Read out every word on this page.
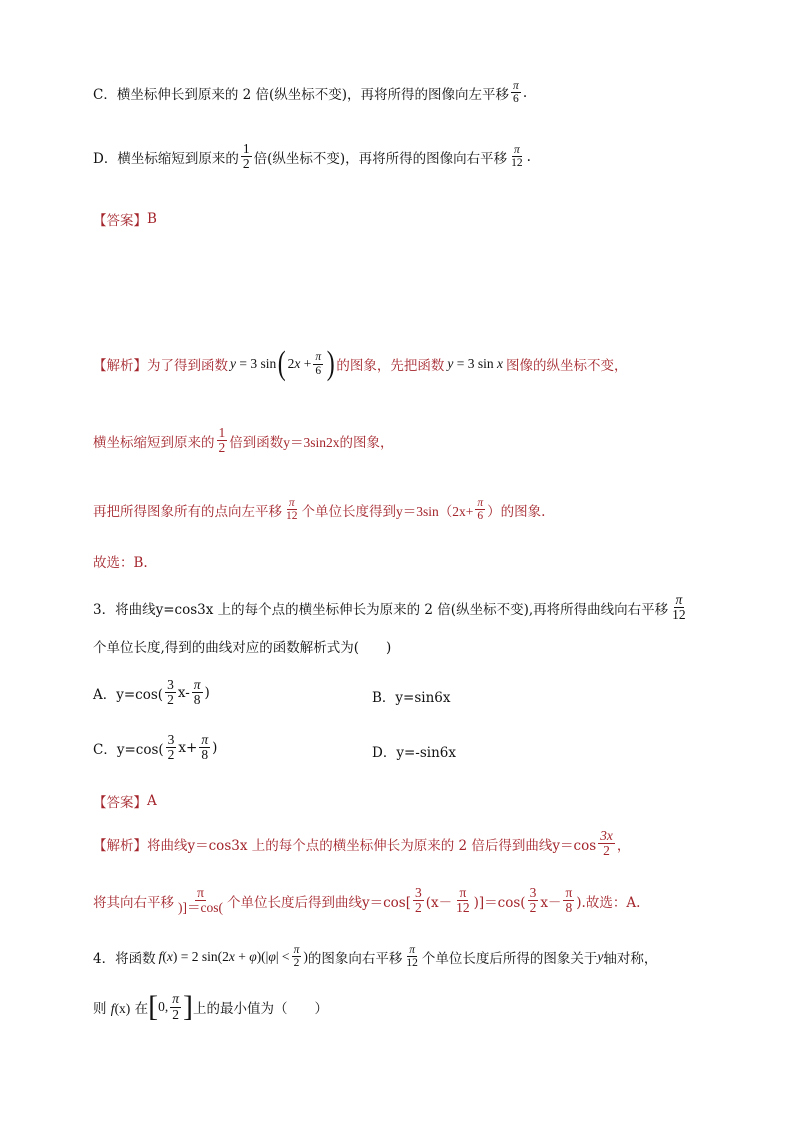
C．横坐标伸长到原来的 2 倍(纵坐标不变)，再将所得的图像向左平移 $\frac{\pi}{6}$ .
D．横坐标缩短到原来的 $\frac{1}{2}$ 倍(纵坐标不变)，再将所得的图像向右平移 $\frac{\pi}{12}$ .
【答案】 B
【解析】 为了得到函数 y = 3 sin ( $2x + \frac{\pi}{6}$ ) 的图象，先把函数 y = 3 sin x 图像的纵坐标不变，
横坐标缩短到原来的 $\frac{1}{2}$ 倍到函数 y＝3sin2x 的图象，
再把所得图象所有的点向左平移 $\frac{\pi}{12}$ 个单位长度得到 $y=3\sin(2x+ \frac{\pi}{6}$ ）的图象.
故选：B.
3．将曲线y=cos3x 上的每个点的横坐标伸长为原来的 2 倍(纵坐标不变),再将所得曲线向右平移 $\frac{\pi}{12}$
个单位长度,得到的曲线对应的函数解析式为(　　)
A．$y=\cos( \frac{3}{2} x- \frac{\pi}{8}$ )	B．y=sin6x
C．$y=\cos( \frac{3}{2} x+ \frac{\pi}{8}$ )	D．y=-sin6x
【答案】 A
【解析】 将曲线y＝cos3x 上的每个点的横坐标伸长为原来的 2 倍后得到曲线$y=\cos \frac{3x}{2}$ ，
将其向右平移 $\frac{\pi}{)]=\cos(}$ 个单位长度后得到曲线$y=\cos[ \frac{3}{2} (x- \frac{\pi}{12} )]=\cos( \frac{3}{2} x- \frac{\pi}{8}$ ).故选：A.
4．将函数 f(x) = 2 $\sin(2x + \varphi)(|\varphi| < \frac{\pi}{2}$ ) 的图象向右平移 $\frac{\pi}{12}$ 个单位长度后所得的图象关于 y 轴对称，
则 f(x) 在 [ 0, $\frac{\pi}{2}$ ] 上的最小值为（　　）
